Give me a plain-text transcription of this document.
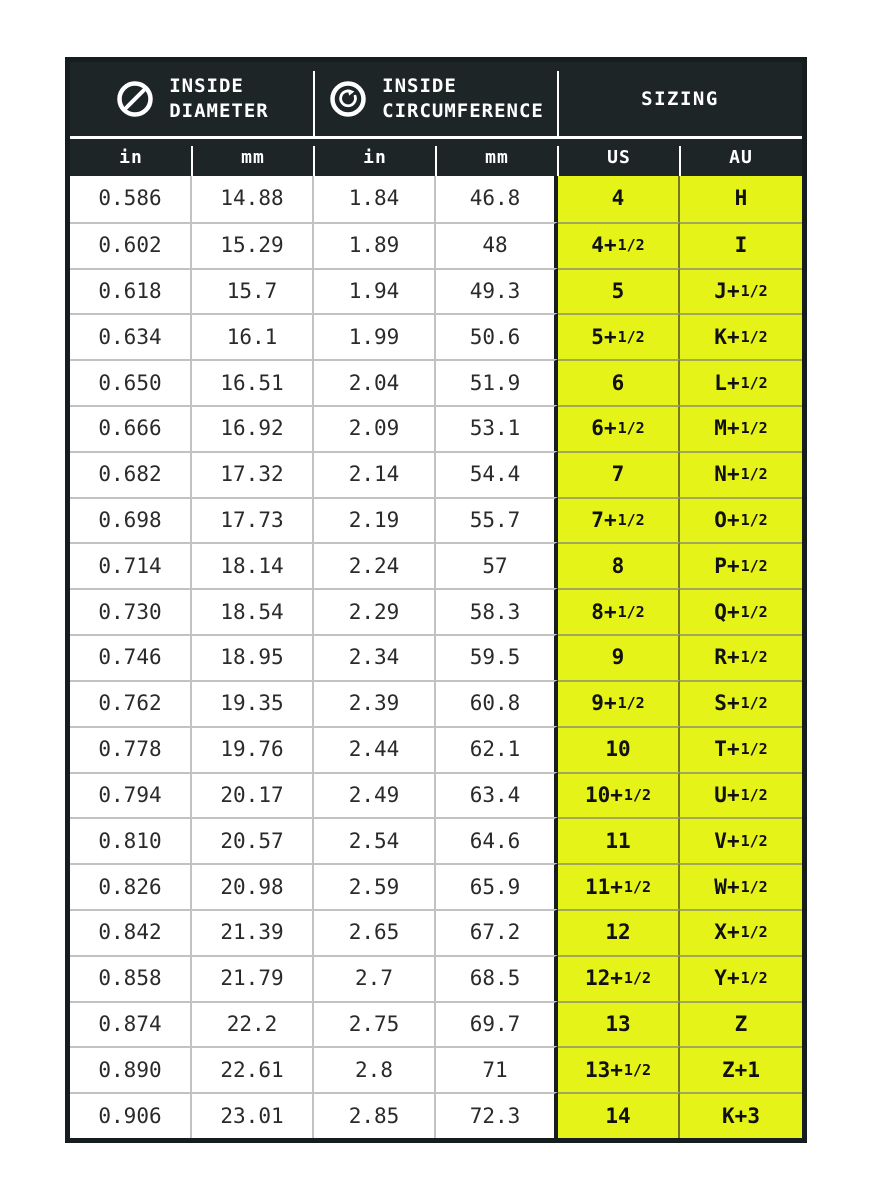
INSIDE
DIAMETER
INSIDE
CIRCUMFERENCE
SIZING
in	mm	in	mm	US	AU
0.586	14.88	1.84	46.8	4	H
0.602	15.29	1.89	48	4+ 1/2	I
0.618	15.7	1.94	49.3	5	J+ 1/2
0.634	16.1	1.99	50.6	5+ 1/2	K+ 1/2
0.650	16.51	2.04	51.9	6	L+ 1/2
0.666	16.92	2.09	53.1	6+ 1/2	M+ 1/2
0.682	17.32	2.14	54.4	7	N+ 1/2
0.698	17.73	2.19	55.7	7+ 1/2	O+ 1/2
0.714	18.14	2.24	57	8	P+ 1/2
0.730	18.54	2.29	58.3	8+ 1/2	Q+ 1/2
0.746	18.95	2.34	59.5	9	R+ 1/2
0.762	19.35	2.39	60.8	9+ 1/2	S+ 1/2
0.778	19.76	2.44	62.1	10	T+ 1/2
0.794	20.17	2.49	63.4	10+ 1/2	U+ 1/2
0.810	20.57	2.54	64.6	11	V+ 1/2
0.826	20.98	2.59	65.9	11+ 1/2	W+ 1/2
0.842	21.39	2.65	67.2	12	X+ 1/2
0.858	21.79	2.7	68.5	12+ 1/2	Y+ 1/2
0.874	22.2	2.75	69.7	13	Z
0.890	22.61	2.8	71	13+ 1/2	Z+1
0.906	23.01	2.85	72.3	14	K+3
